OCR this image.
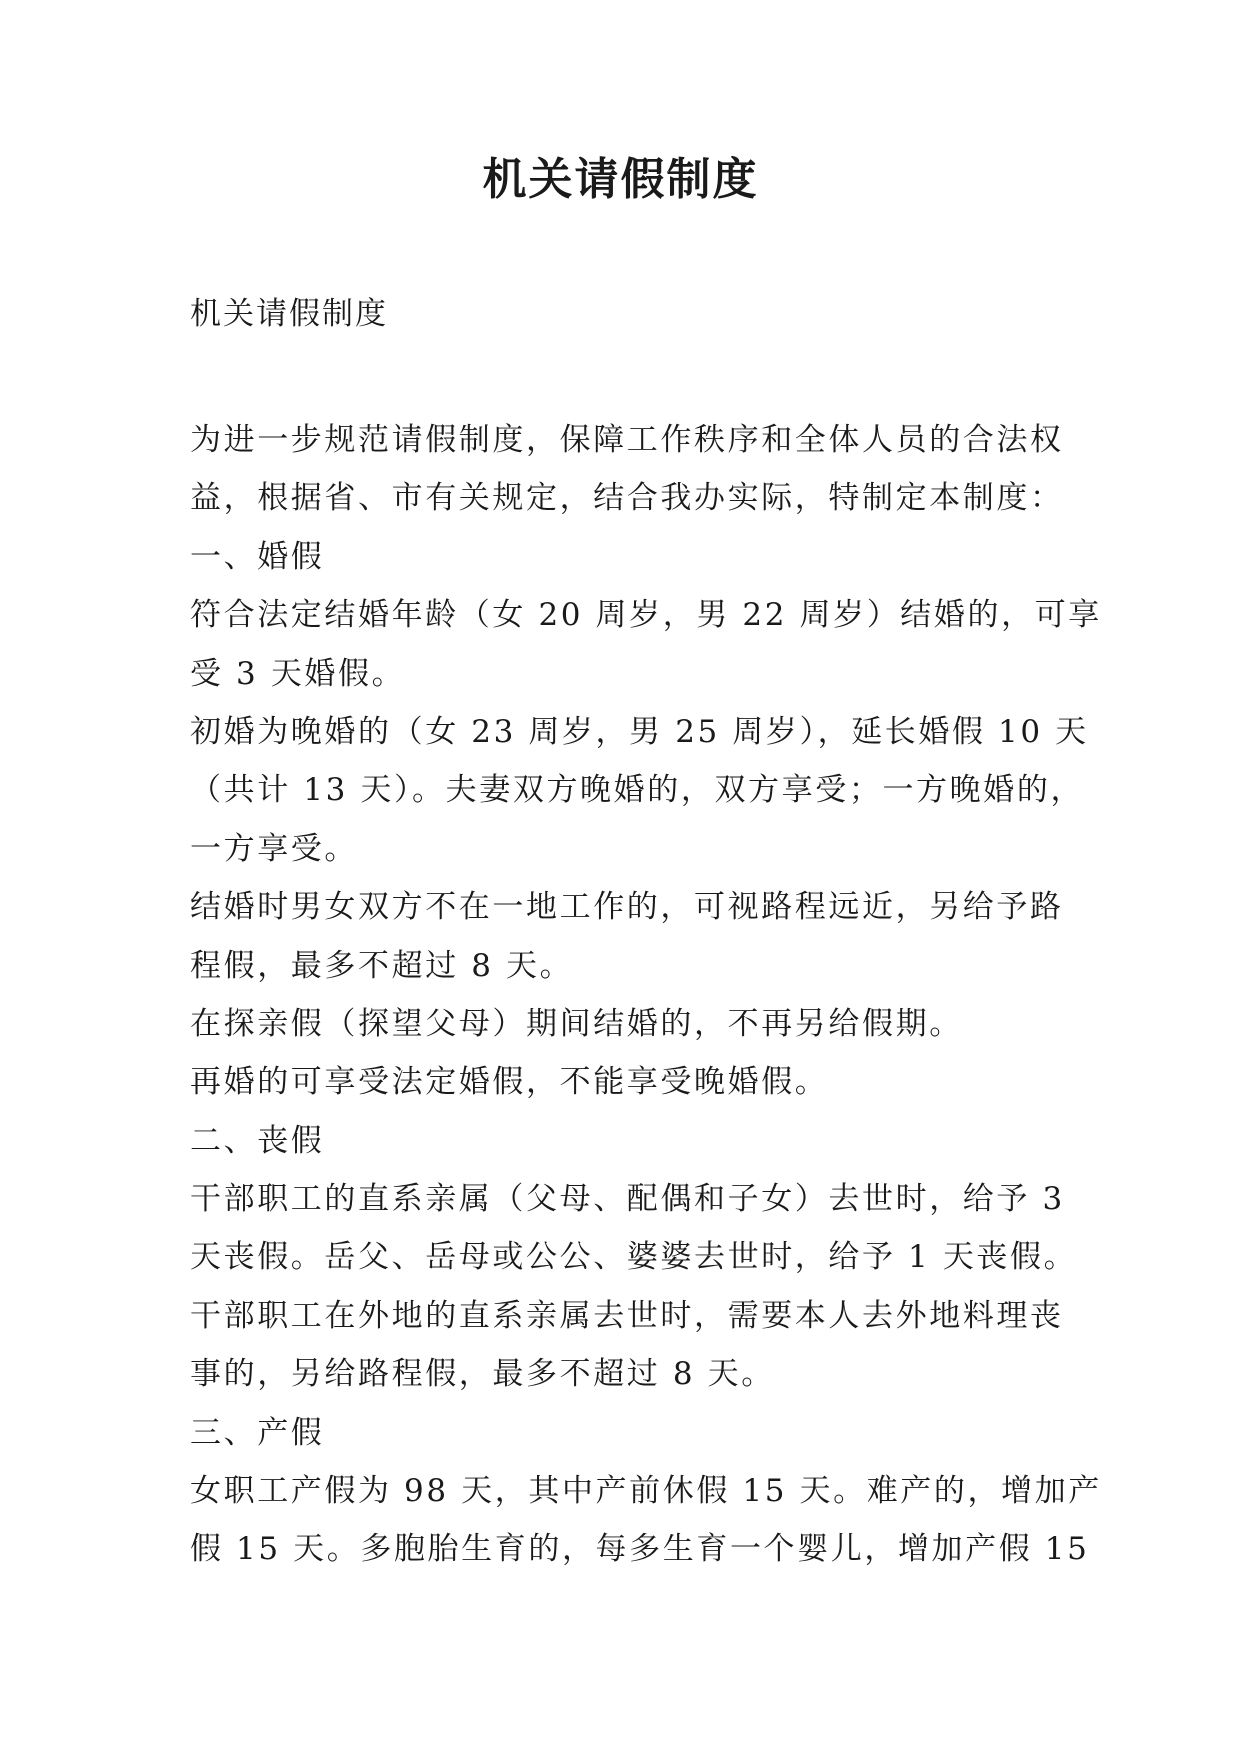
机关请假制度

机关请假制度

为进一步规范请假制度，保障工作秩序和全体人员的合法权
益，根据省、市有关规定，结合我办实际，特制定本制度：
一、婚假
符合法定结婚年龄（女 20 周岁，男 22 周岁）结婚的，可享
受 3 天婚假。
初婚为晚婚的（女 23 周岁，男 25 周岁），延长婚假 10 天
（共计 13 天）。夫妻双方晚婚的，双方享受；一方晚婚的，
一方享受。
结婚时男女双方不在一地工作的，可视路程远近，另给予路
程假，最多不超过 8 天。
在探亲假（探望父母）期间结婚的，不再另给假期。
再婚的可享受法定婚假，不能享受晚婚假。
二、丧假
干部职工的直系亲属（父母、配偶和子女）去世时，给予 3
天丧假。岳父、岳母或公公、婆婆去世时，给予 1 天丧假。
干部职工在外地的直系亲属去世时，需要本人去外地料理丧
事的，另给路程假，最多不超过 8 天。
三、产假
女职工产假为 98 天，其中产前休假 15 天。难产的，增加产
假 15 天。多胞胎生育的，每多生育一个婴儿，增加产假 15
